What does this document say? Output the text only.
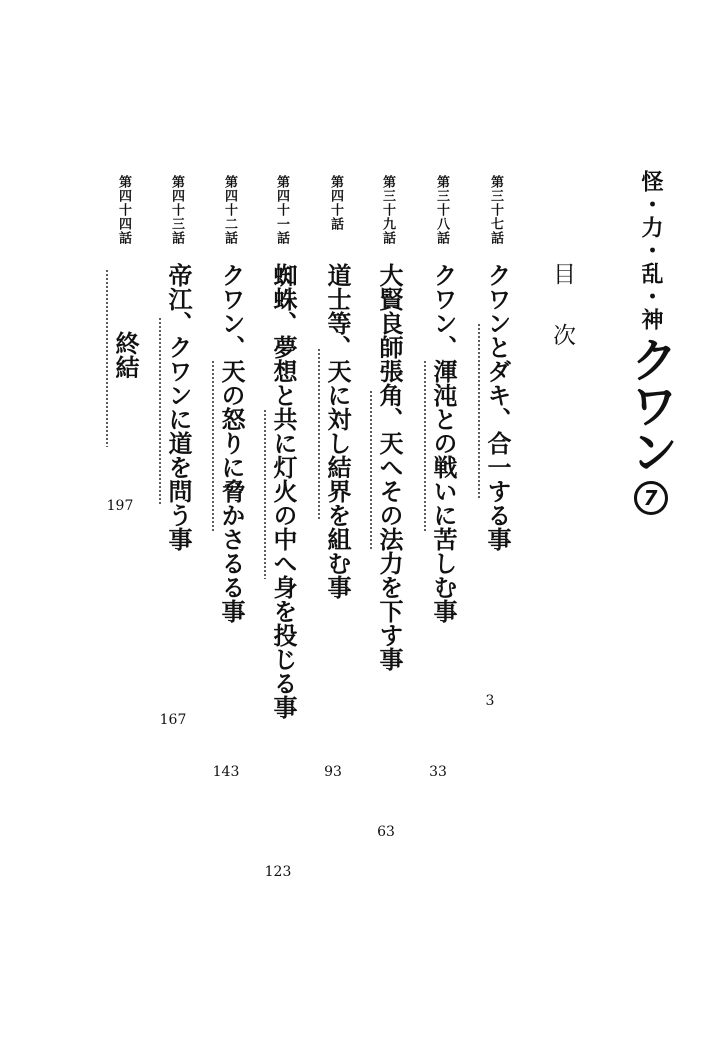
怪・力・乱・神
クワン
7
目次
第三十七話
クワンとダキ、合一する事
3
第三十八話
クワン、渾沌との戦いに苦しむ事
33
第三十九話
大賢良師張角、天へその法力を下す事
63
第四十話
道士等、天に対し結界を組む事
93
第四十一話
蜘蛛、夢想と共に灯火の中へ身を投じる事
123
第四十二話
クワン、天の怒りに脅かさるる事
143
第四十三話
帝江、クワンに道を問う事
167
第四十四話
終結
197
